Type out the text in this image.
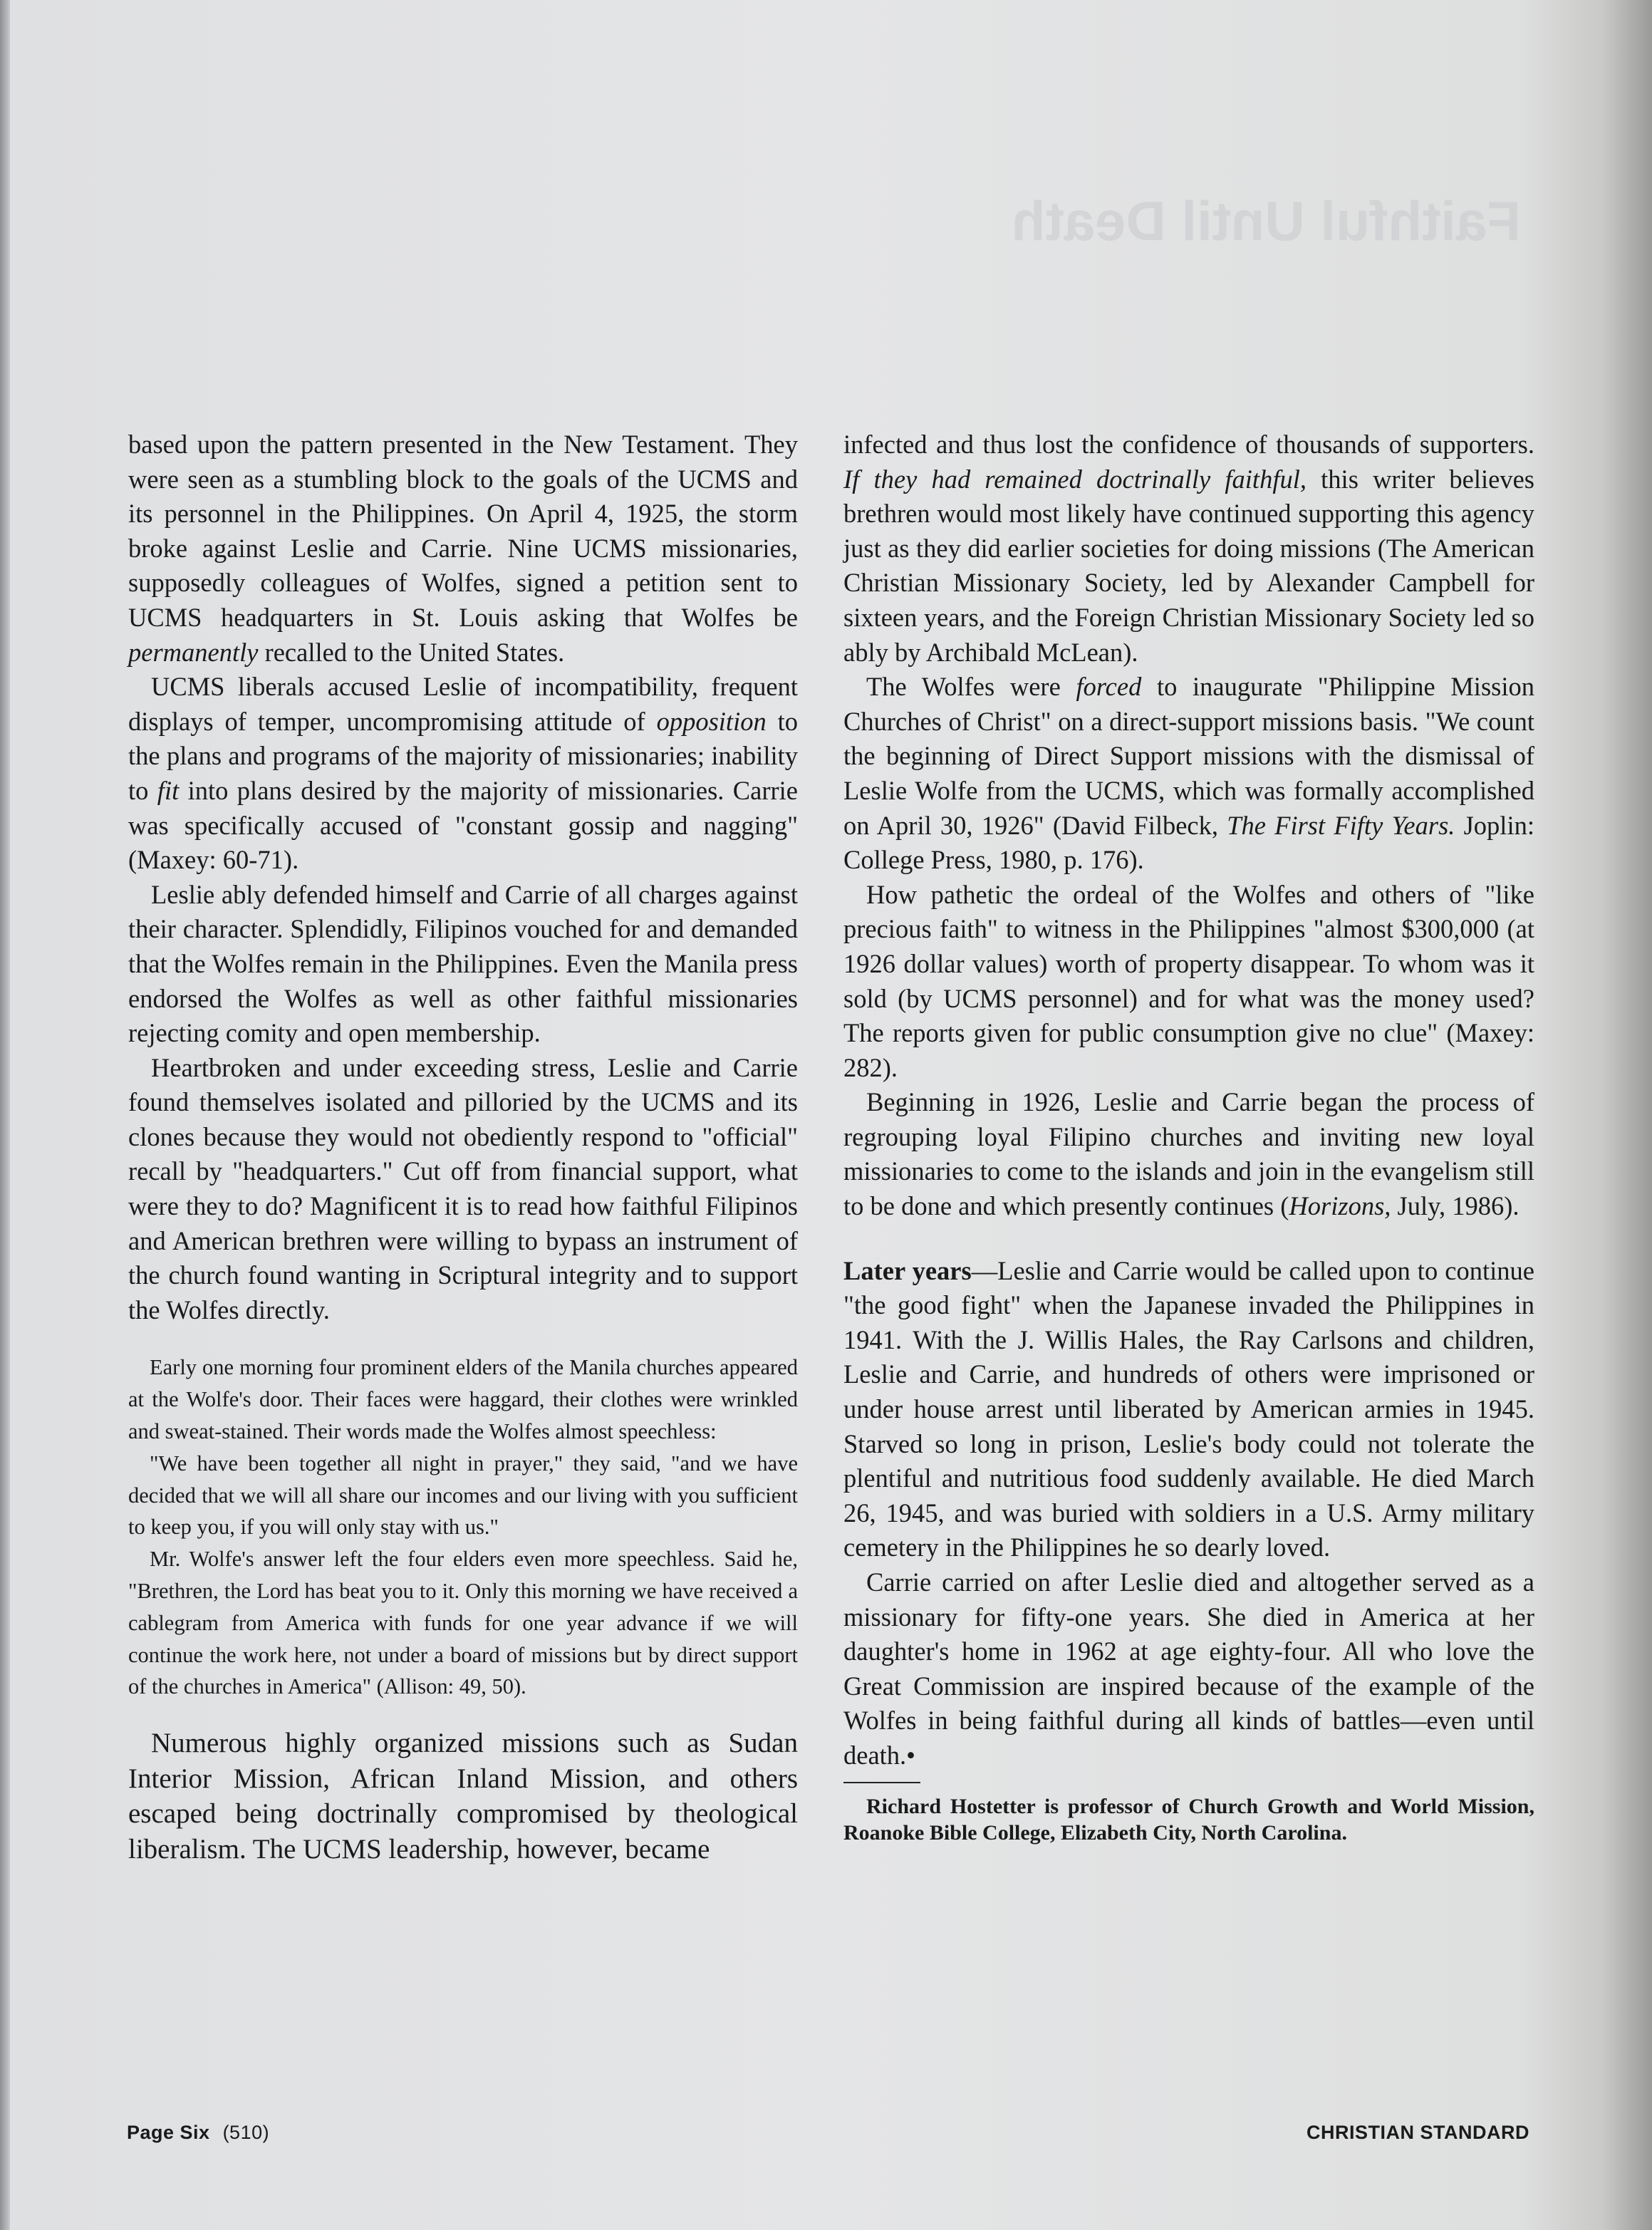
Faithful Until Death

based upon the pattern presented in the New Testament. They were seen as a stumbling block to the goals of the UCMS and its personnel in the Philippines. On April 4, 1925, the storm broke against Leslie and Carrie. Nine UCMS missionaries, supposedly colleagues of Wolfes, signed a petition sent to UCMS headquarters in St. Louis asking that Wolfes be permanently recalled to the United States.

UCMS liberals accused Leslie of incompatibility, frequent displays of temper, uncompromising attitude of opposition to the plans and programs of the majority of missionaries; inability to fit into plans desired by the majority of missionaries. Carrie was specifically accused of "constant gossip and nagging" (Maxey: 60-71).

Leslie ably defended himself and Carrie of all charges against their character. Splendidly, Filipinos vouched for and demanded that the Wolfes remain in the Philippines. Even the Manila press endorsed the Wolfes as well as other faithful missionaries rejecting comity and open membership.

Heartbroken and under exceeding stress, Leslie and Carrie found themselves isolated and pilloried by the UCMS and its clones because they would not obediently respond to "official" recall by "headquarters." Cut off from financial support, what were they to do? Magnificent it is to read how faithful Filipinos and American brethren were willing to bypass an instrument of the church found wanting in Scriptural integrity and to support the Wolfes directly.

Early one morning four prominent elders of the Manila churches appeared at the Wolfe's door. Their faces were haggard, their clothes were wrinkled and sweat-stained. Their words made the Wolfes almost speechless:

"We have been together all night in prayer," they said, "and we have decided that we will all share our incomes and our living with you sufficient to keep you, if you will only stay with us."

Mr. Wolfe's answer left the four elders even more speechless. Said he, "Brethren, the Lord has beat you to it. Only this morning we have received a cablegram from America with funds for one year advance if we will continue the work here, not under a board of missions but by direct support of the churches in America" (Allison: 49, 50).

Numerous highly organized missions such as Sudan Interior Mission, African Inland Mission, and others escaped being doctrinally compromised by theological liberalism. The UCMS leadership, however, became

infected and thus lost the confidence of thousands of supporters. If they had remained doctrinally faithful, this writer believes brethren would most likely have continued supporting this agency just as they did earlier societies for doing missions (The American Christian Missionary Society, led by Alexander Campbell for sixteen years, and the Foreign Christian Missionary Society led so ably by Archibald McLean).

The Wolfes were forced to inaugurate "Philippine Mission Churches of Christ" on a direct-support missions basis. "We count the beginning of Direct Support missions with the dismissal of Leslie Wolfe from the UCMS, which was formally accomplished on April 30, 1926" (David Filbeck, The First Fifty Years. Joplin: College Press, 1980, p. 176).

How pathetic the ordeal of the Wolfes and others of "like precious faith" to witness in the Philippines "almost $300,000 (at 1926 dollar values) worth of property disappear. To whom was it sold (by UCMS personnel) and for what was the money used? The reports given for public consumption give no clue" (Maxey: 282).

Beginning in 1926, Leslie and Carrie began the process of regrouping loyal Filipino churches and inviting new loyal missionaries to come to the islands and join in the evangelism still to be done and which presently continues (Horizons, July, 1986).

Later years—Leslie and Carrie would be called upon to continue "the good fight" when the Japanese invaded the Philippines in 1941. With the J. Willis Hales, the Ray Carlsons and children, Leslie and Carrie, and hundreds of others were imprisoned or under house arrest until liberated by American armies in 1945. Starved so long in prison, Leslie's body could not tolerate the plentiful and nutritious food suddenly available. He died March 26, 1945, and was buried with soldiers in a U.S. Army military cemetery in the Philippines he so dearly loved.

Carrie carried on after Leslie died and altogether served as a missionary for fifty-one years. She died in America at her daughter's home in 1962 at age eighty-four. All who love the Great Commission are inspired because of the example of the Wolfes in being faithful during all kinds of battles—even until death.•

Richard Hostetter is professor of Church Growth and World Mission, Roanoke Bible College, Elizabeth City, North Carolina.

Page Six (510)	CHRISTIAN STANDARD
